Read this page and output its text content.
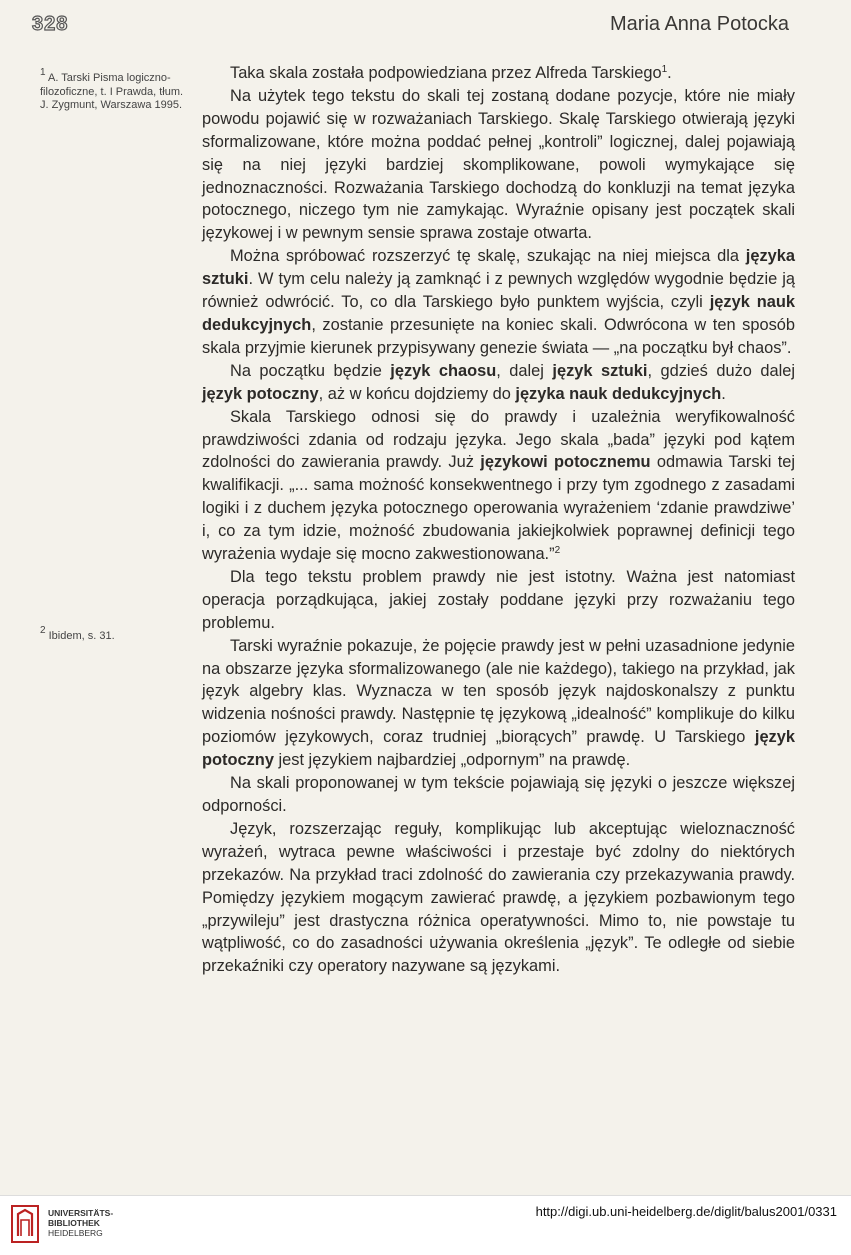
328	Maria Anna Potocka
$^1$ A. Tarski Pisma logiczno-filozoficzne, t. I Prawda, tłum. J. Zygmunt, Warszawa 1995.
$^2$ Ibidem, s. 31.

Taka skala została podpowiedziana przez Alfreda Tarskiego$^1$.

Na użytek tego tekstu do skali tej zostaną dodane pozycje, które nie miały powodu pojawić się w rozważaniach Tarskiego. Skalę Tarskiego otwierają języki sformalizowane, które można poddać pełnej „kontroli” logicznej, dalej pojawiają się na niej języki bardziej skomplikowane, powoli wymykające się jednoznaczności. Rozważania Tarskiego dochodzą do konkluzji na temat języka potocznego, niczego tym nie zamykając. Wyraźnie opisany jest początek skali językowej i w pewnym sensie sprawa zostaje otwarta.

Można spróbować rozszerzyć tę skalę, szukając na niej miejsca dla języka sztuki. W tym celu należy ją zamknąć i z pewnych względów wygodnie będzie ją również odwrócić. To, co dla Tarskiego było punktem wyjścia, czyli język nauk dedukcyjnych, zostanie przesunięte na koniec skali. Odwrócona w ten sposób skala przyjmie kierunek przypisywany genezie świata — „na początku był chaos”.

Na początku będzie język chaosu, dalej język sztuki, gdzieś dużo dalej język potoczny, aż w końcu dojdziemy do języka nauk dedukcyjnych.

Skala Tarskiego odnosi się do prawdy i uzależnia weryfikowalność prawdziwości zdania od rodzaju języka. Jego skala „bada” języki pod kątem zdolności do zawierania prawdy. Już językowi potocznemu odmawia Tarski tej kwalifikacji. „... sama możność konsekwentnego i przy tym zgodnego z zasadami logiki i z duchem języka potocznego operowania wyrażeniem ‘zdanie prawdziwe’ i, co za tym idzie, możność zbudowania jakiejkolwiek poprawnej definicji tego wyrażenia wydaje się mocno zakwestionowana.”$^2$

Dla tego tekstu problem prawdy nie jest istotny. Ważna jest natomiast operacja porządkująca, jakiej zostały poddane języki przy rozważaniu tego problemu.

Tarski wyraźnie pokazuje, że pojęcie prawdy jest w pełni uzasadnione jedynie na obszarze języka sformalizowanego (ale nie każdego), takiego na przykład, jak język algebry klas. Wyznacza w ten sposób język najdoskonalszy z punktu widzenia nośności prawdy. Następnie tę językową „idealność” komplikuje do kilku poziomów językowych, coraz trudniej „biorących” prawdę. U Tarskiego język potoczny jest językiem najbardziej „odpornym” na prawdę.

Na skali proponowanej w tym tekście pojawiają się języki o jeszcze większej odporności.

Język, rozszerzając reguły, komplikując lub akceptując wieloznaczność wyrażeń, wytraca pewne właściwości i przestaje być zdolny do niektórych przekazów. Na przykład traci zdolność do zawierania czy przekazywania prawdy. Pomiędzy językiem mogącym zawierać prawdę, a językiem pozbawionym tego „przywileju” jest drastyczna różnica operatywności. Mimo to, nie powstaje tu wątpliwość, co do zasadności używania określenia „język”. Te odległe od siebie przekaźniki czy operatory nazywane są językami.

UNIVERSITÄTS-
BIBLIOTHEK
HEIDELBERG
http://digi.ub.uni-heidelberg.de/diglit/balus2001/0331
